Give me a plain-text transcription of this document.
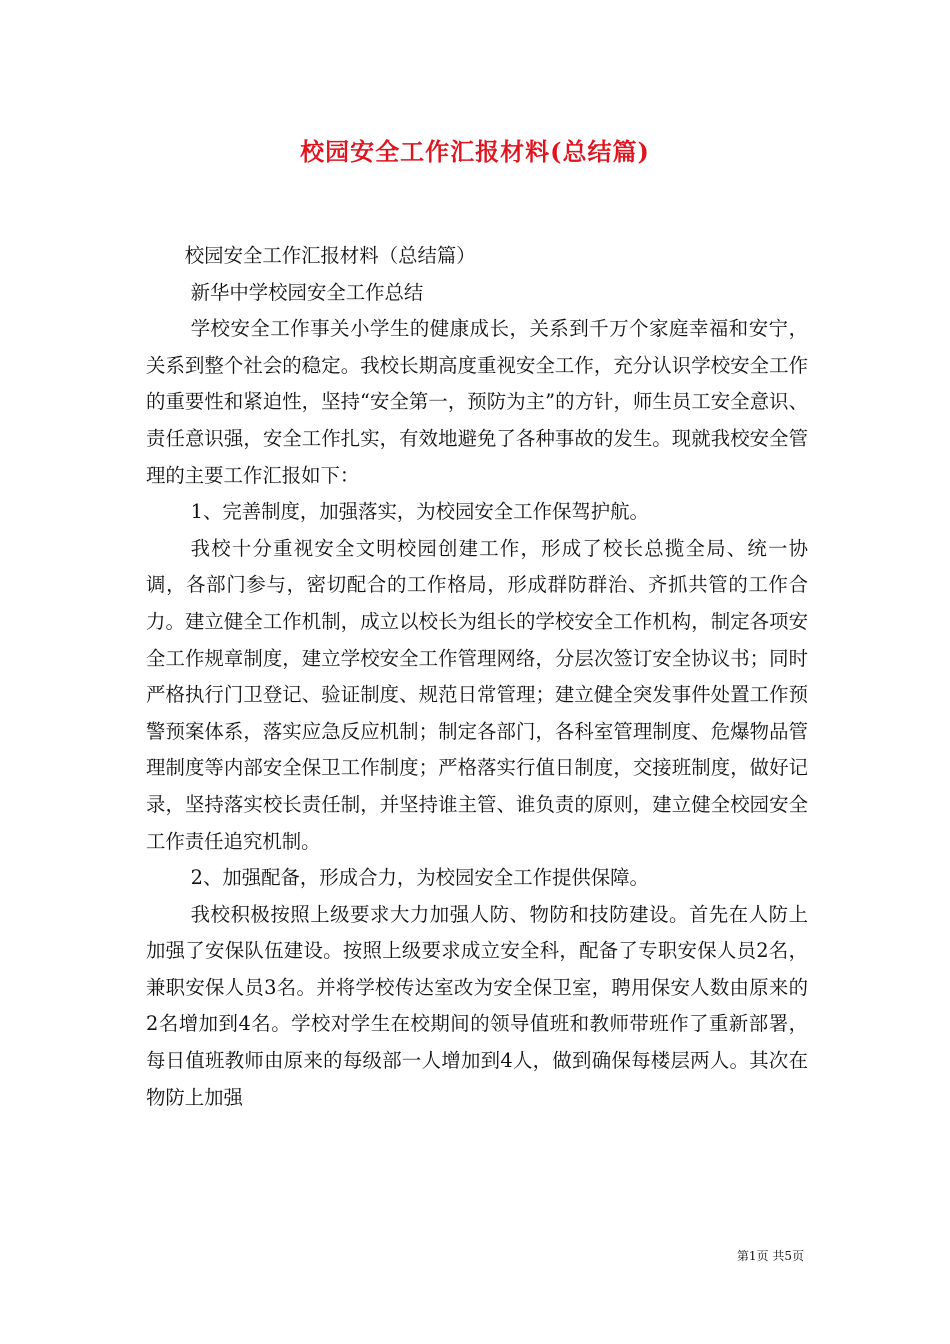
校园安全工作汇报材料(总结篇)

校园安全工作汇报材料（总结篇）

新华中学校园安全工作总结

学校安全工作事关小学生的健康成长，关系到千万个家庭幸福和安宁，关系到整个社会的稳定。我校长期高度重视安全工作，充分认识学校安全工作的重要性和紧迫性，坚持“安全第一，预防为主”的方针，师生员工安全意识、责任意识强，安全工作扎实，有效地避免了各种事故的发生。现就我校安全管理的主要工作汇报如下：

1、完善制度，加强落实，为校园安全工作保驾护航。

我校十分重视安全文明校园创建工作，形成了校长总揽全局、统一协调，各部门参与，密切配合的工作格局，形成群防群治、齐抓共管的工作合力。建立健全工作机制，成立以校长为组长的学校安全工作机构，制定各项安全工作规章制度，建立学校安全工作管理网络，分层次签订安全协议书；同时严格执行门卫登记、验证制度、规范日常管理；建立健全突发事件处置工作预警预案体系，落实应急反应机制；制定各部门，各科室管理制度、危爆物品管理制度等内部安全保卫工作制度；严格落实行值日制度，交接班制度，做好记录，坚持落实校长责任制，并坚持谁主管、谁负责的原则，建立健全校园安全工作责任追究机制。

2、加强配备，形成合力，为校园安全工作提供保障。

我校积极按照上级要求大力加强人防、物防和技防建设。首先在人防上加强了安保队伍建设。按照上级要求成立安全科，配备了专职安保人员2名，兼职安保人员3名。并将学校传达室改为安全保卫室，聘用保安人数由原来的2名增加到4名。学校对学生在校期间的领导值班和教师带班作了重新部署，每日值班教师由原来的每级部一人增加到4人，做到确保每楼层两人。其次在物防上加强

第1页 共5页
